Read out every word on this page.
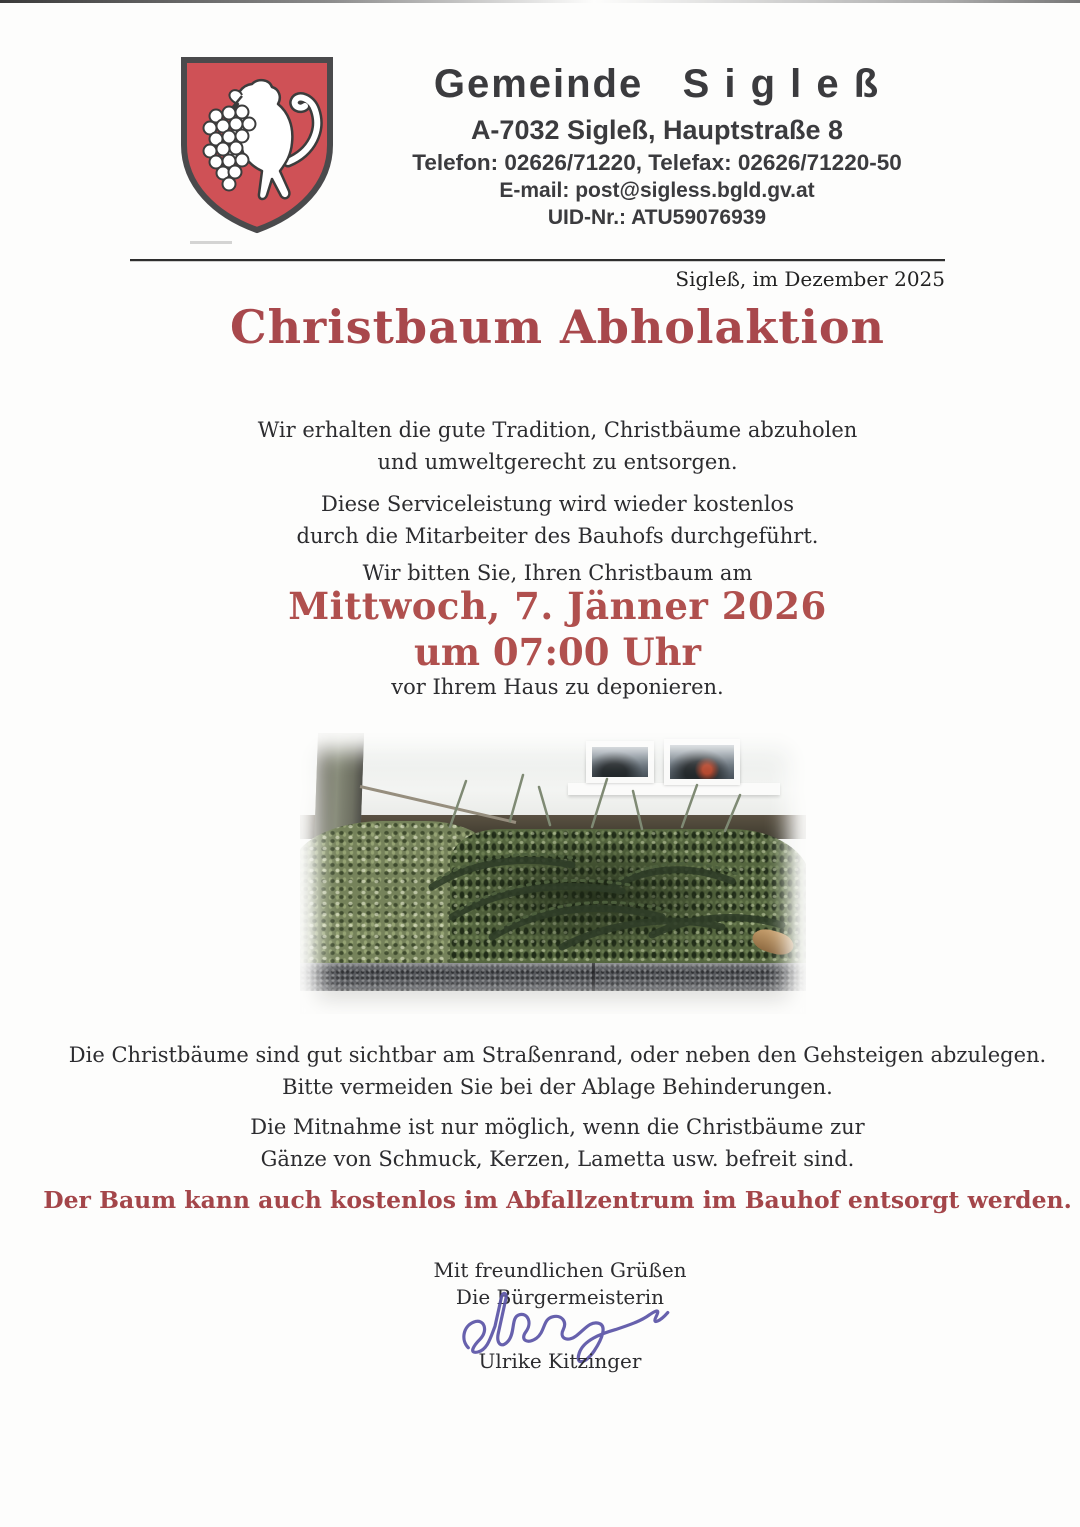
Gemeinde   S i g l e ß
A-7032 Sigleß, Hauptstraße 8
Telefon: 02626/71220, Telefax: 02626/71220-50
E-mail: post@sigless.bgld.gv.at
UID-Nr.: ATU59076939
Sigleß, im Dezember 2025
Christbaum Abholaktion
Wir erhalten die gute Tradition, Christbäume abzuholen
und umweltgerecht zu entsorgen.
Diese Serviceleistung wird wieder kostenlos
durch die Mitarbeiter des Bauhofs durchgeführt.
Wir bitten Sie, Ihren Christbaum am
Mittwoch, 7. Jänner 2026
um 07:00 Uhr
vor Ihrem Haus zu deponieren.
Die Christbäume sind gut sichtbar am Straßenrand, oder neben den Gehsteigen abzulegen.
Bitte vermeiden Sie bei der Ablage Behinderungen.
Die Mitnahme ist nur möglich, wenn die Christbäume zur
Gänze von Schmuck, Kerzen, Lametta usw. befreit sind.
Der Baum kann auch kostenlos im Abfallzentrum im Bauhof entsorgt werden.
Mit freundlichen Grüßen
Die Bürgermeisterin
Ulrike Kitzinger
